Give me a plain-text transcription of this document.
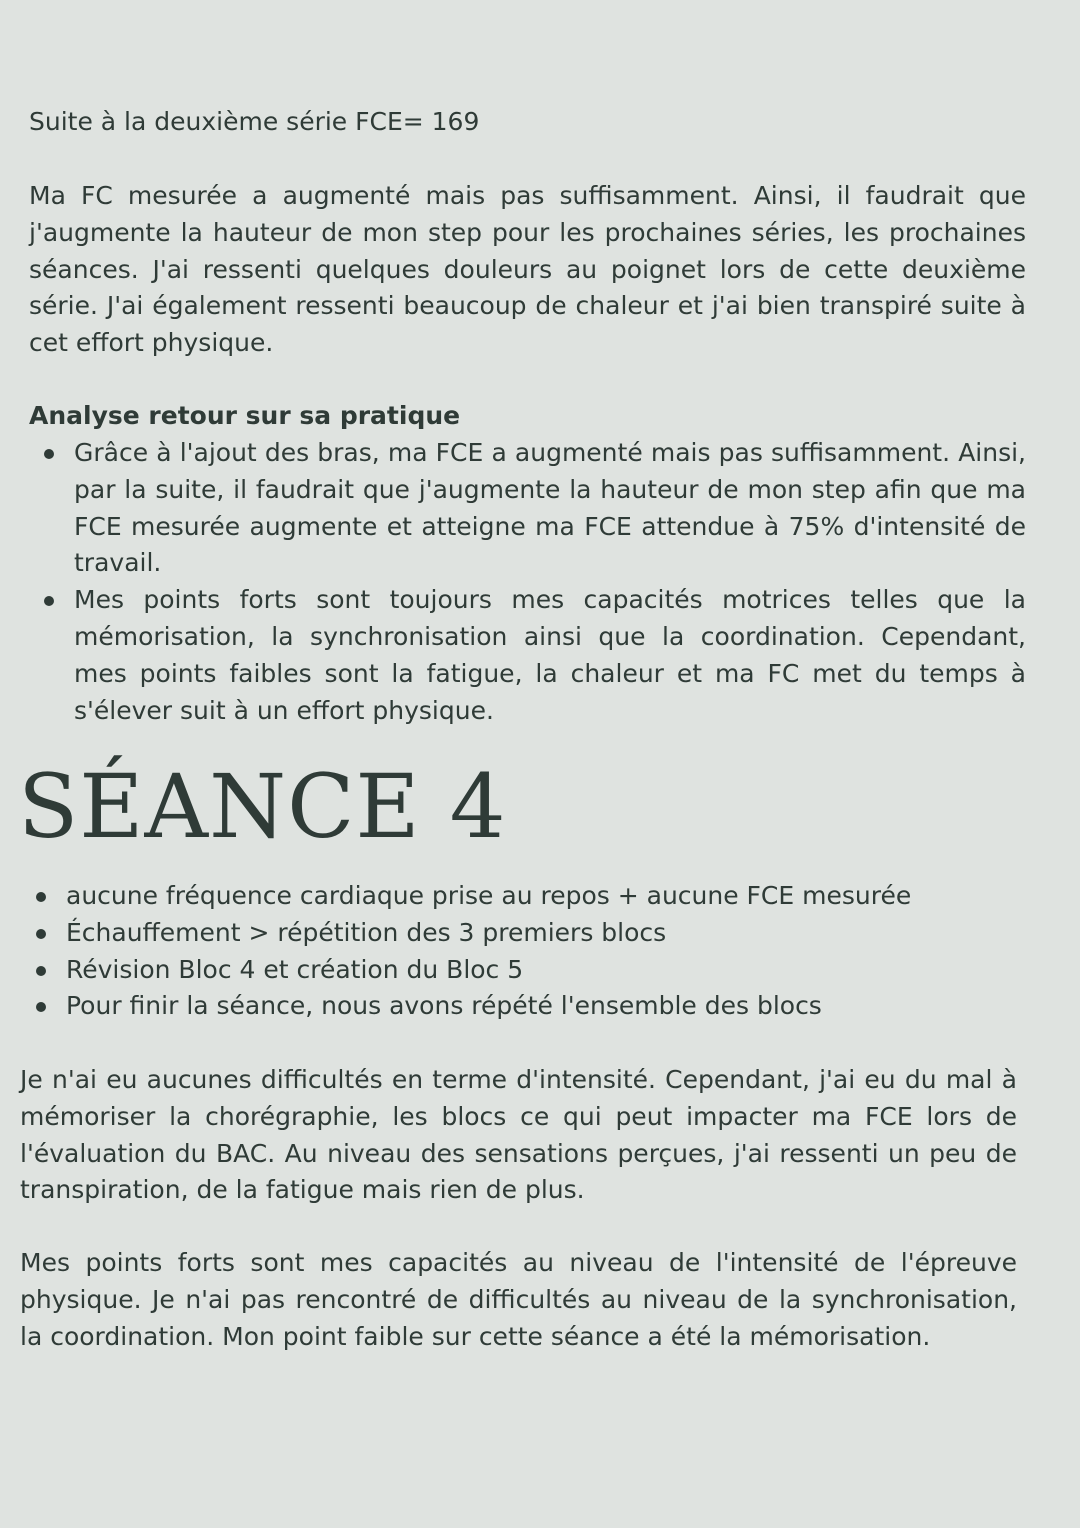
Suite à la deuxième série FCE= 169

Ma FC mesurée a augmenté mais pas suffisamment. Ainsi, il faudrait que j'augmente la hauteur de mon step pour les prochaines séries, les prochaines séances. J'ai ressenti quelques douleurs au poignet lors de cette deuxième série. J'ai également ressenti beaucoup de chaleur et j'ai bien transpiré suite à cet effort physique.

Analyse retour sur sa pratique

Grâce à l'ajout des bras, ma FCE a augmenté mais pas suffisamment. Ainsi, par la suite, il faudrait que j'augmente la hauteur de mon step afin que ma FCE mesurée augmente et atteigne ma FCE attendue à 75% d'intensité de travail.
Mes points forts sont toujours mes capacités motrices telles que la mémorisation, la synchronisation ainsi que la coordination. Cependant, mes points faibles sont la fatigue, la chaleur et ma FC met du temps à s'élever suit à un effort physique.
SÉANCE 4
aucune fréquence cardiaque prise au repos + aucune FCE mesurée
Échauffement > répétition des 3 premiers blocs
Révision Bloc 4 et création du Bloc 5
Pour finir la séance, nous avons répété l'ensemble des blocs

Je n'ai eu aucunes difficultés en terme d'intensité. Cependant, j'ai eu du mal à mémoriser la chorégraphie, les blocs ce qui peut impacter ma FCE lors de l'évaluation du BAC. Au niveau des sensations perçues, j'ai ressenti un peu de transpiration, de la fatigue mais rien de plus.

Mes points forts sont mes capacités au niveau de l'intensité de l'épreuve physique. Je n'ai pas rencontré de difficultés au niveau de la synchronisation, la coordination. Mon point faible sur cette séance a été la mémorisation.
